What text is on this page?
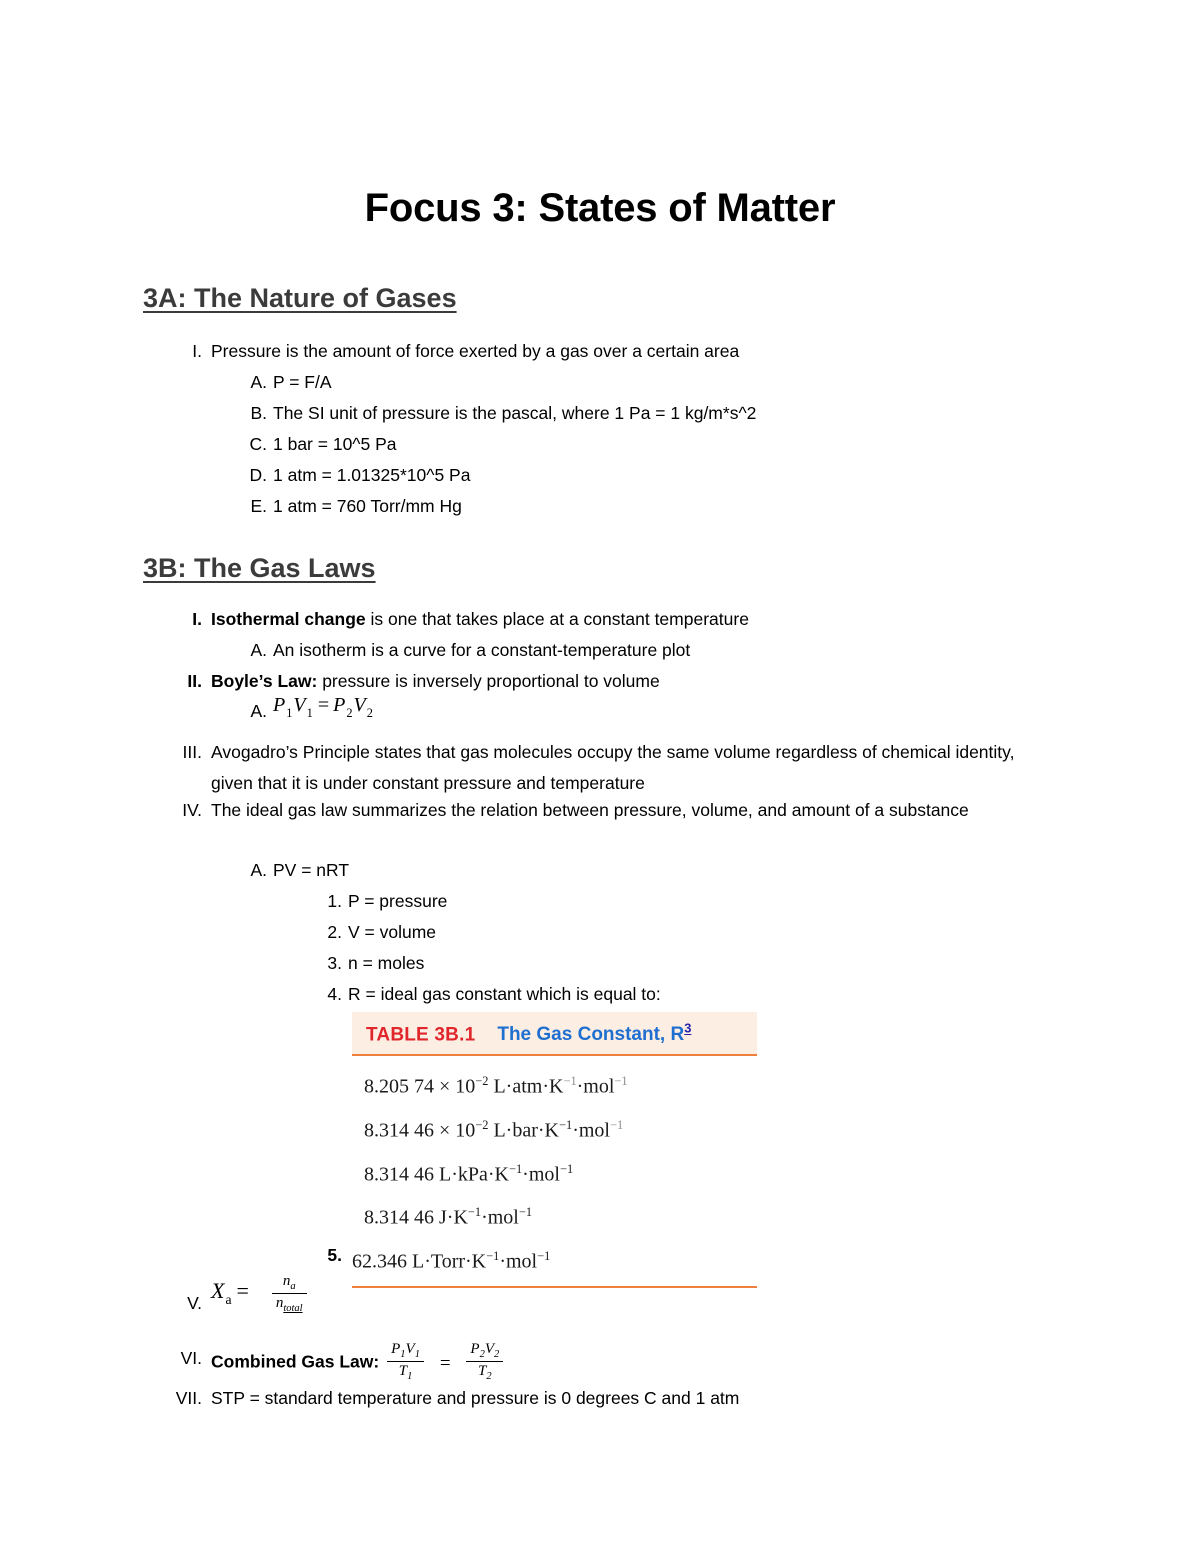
Focus 3: States of Matter
3A: The Nature of Gases
I. Pressure is the amount of force exerted by a gas over a certain area
A. P = F/A
B. The SI unit of pressure is the pascal, where 1 Pa = 1 kg/m*s^2
C. 1 bar = 10^5 Pa
D. 1 atm = 1.01325*10^5 Pa
E. 1 atm = 760 Torr/mm Hg
3B: The Gas Laws
I. Isothermal change is one that takes place at a constant temperature
A. An isotherm is a curve for a constant-temperature plot
II. Boyle’s Law: pressure is inversely proportional to volume
A. $P_1V_1 = P_2V_2$
III. Avogadro’s Principle states that gas molecules occupy the same volume regardless of chemical identity, given that it is under constant pressure and temperature
IV. The ideal gas law summarizes the relation between pressure, volume, and amount of a substance
A. PV = nRT
1. P = pressure
2. V = volume
3. n = moles
4. R = ideal gas constant which is equal to:
5.
TABLE 3B.1 The Gas Constant, $R^3$
8.205 $74 \times 10^{-2}$ $L\cdot atm\cdot K^{-1}\cdot mol^{-1}$
8.314 $46 \times 10^{-2}$ $L\cdot bar\cdot K^{-1}\cdot mol^{-1}$
8.314 46 $L\cdot kPa\cdot K^{-1}\cdot mol^{-1}$
8.314 46 $J\cdot K^{-1}\cdot mol^{-1}$
62.346 $L\cdot Torr\cdot K^{-1}\cdot mol^{-1}$
V. $X_a = \frac{n_a}{n_{total}}$
VI. Combined Gas Law: $\frac{P_1V_1}{T_1} = \frac{P_2V_2}{T_2}$
VII. STP = standard temperature and pressure is 0 degrees C and 1 atm
